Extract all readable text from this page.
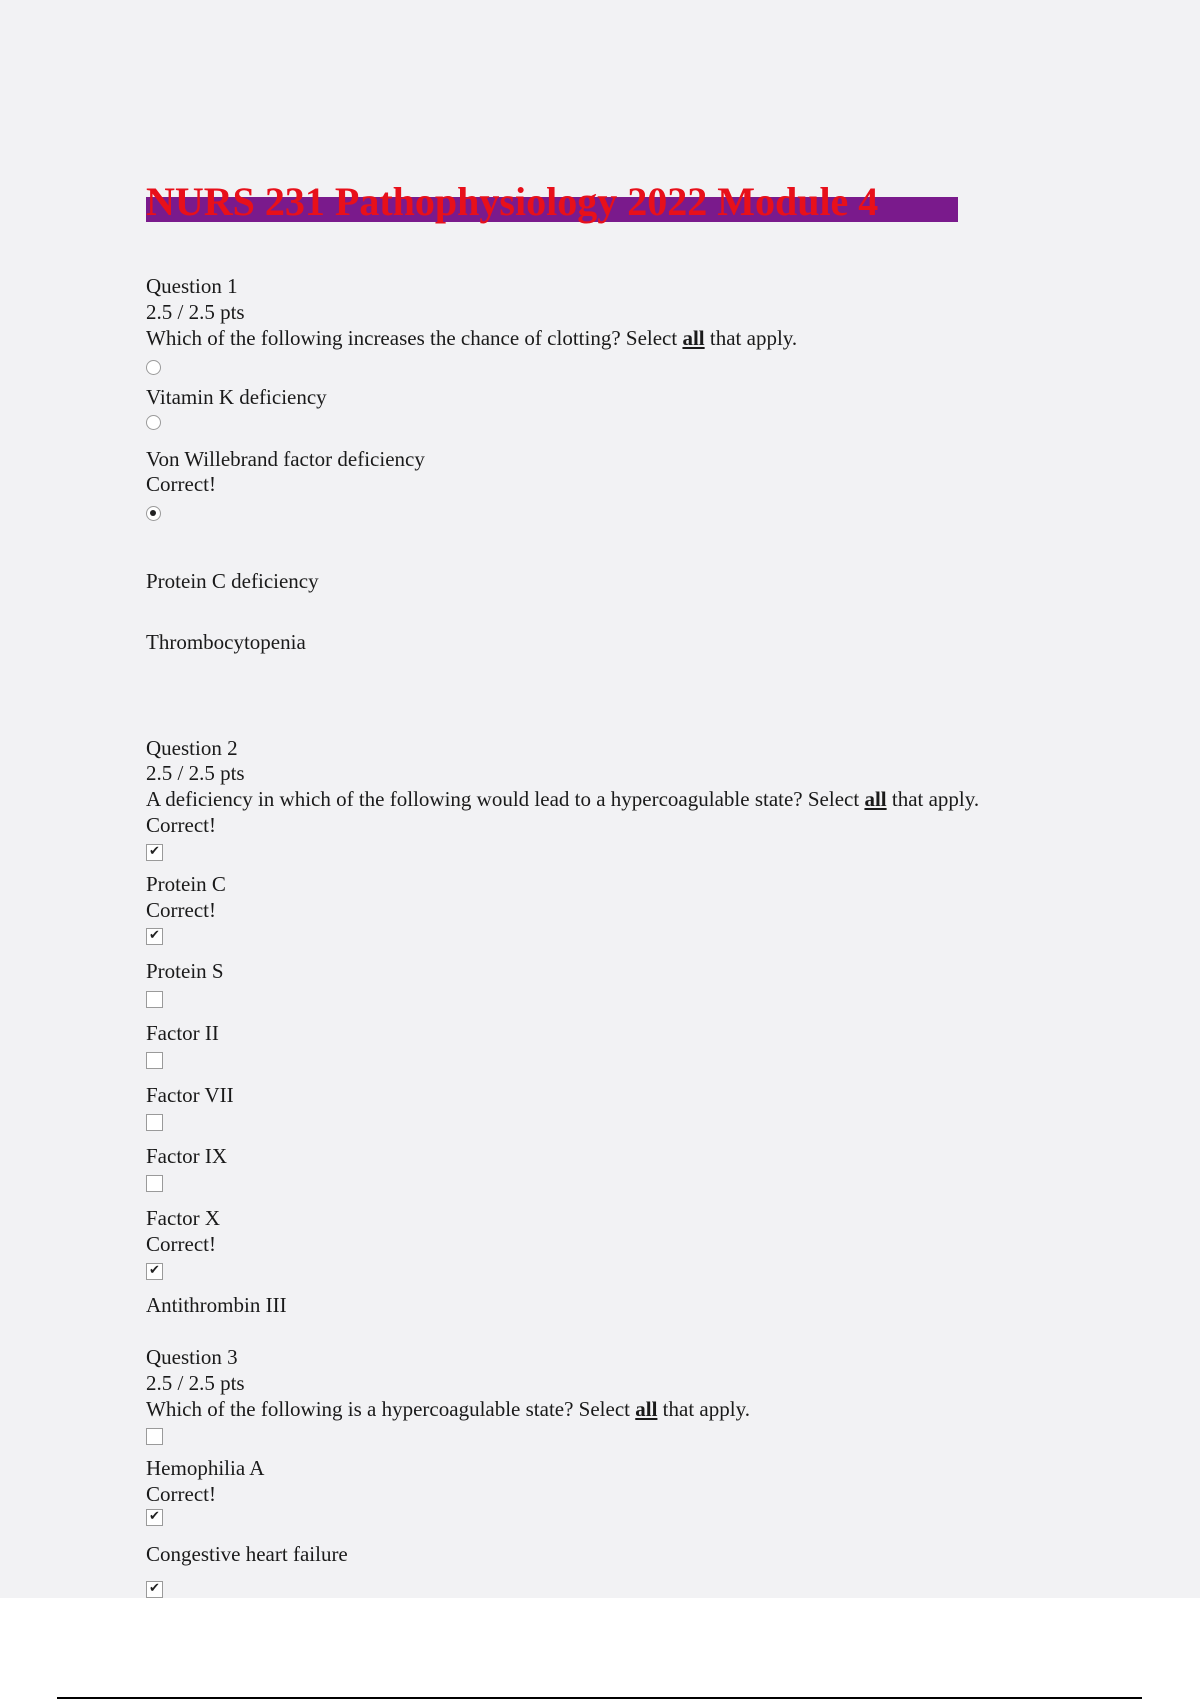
NURS 231 Pathophysiology 2022 Module 4
Question 1
2.5 / 2.5 pts
Which of the following increases the chance of clotting? Select all that apply.
Vitamin K deficiency
Von Willebrand factor deficiency
Correct!
Protein C deficiency
Thrombocytopenia
Question 2
2.5 / 2.5 pts
A deficiency in which of the following would lead to a hypercoagulable state? Select all that apply.
Correct!
✔
Protein C
Correct!
✔
Protein S
Factor II
Factor VII
Factor IX
Factor X
Correct!
✔
Antithrombin III
Question 3
2.5 / 2.5 pts
Which of the following is a hypercoagulable state? Select all that apply.
Hemophilia A
Correct!
✔
Congestive heart failure
✔
